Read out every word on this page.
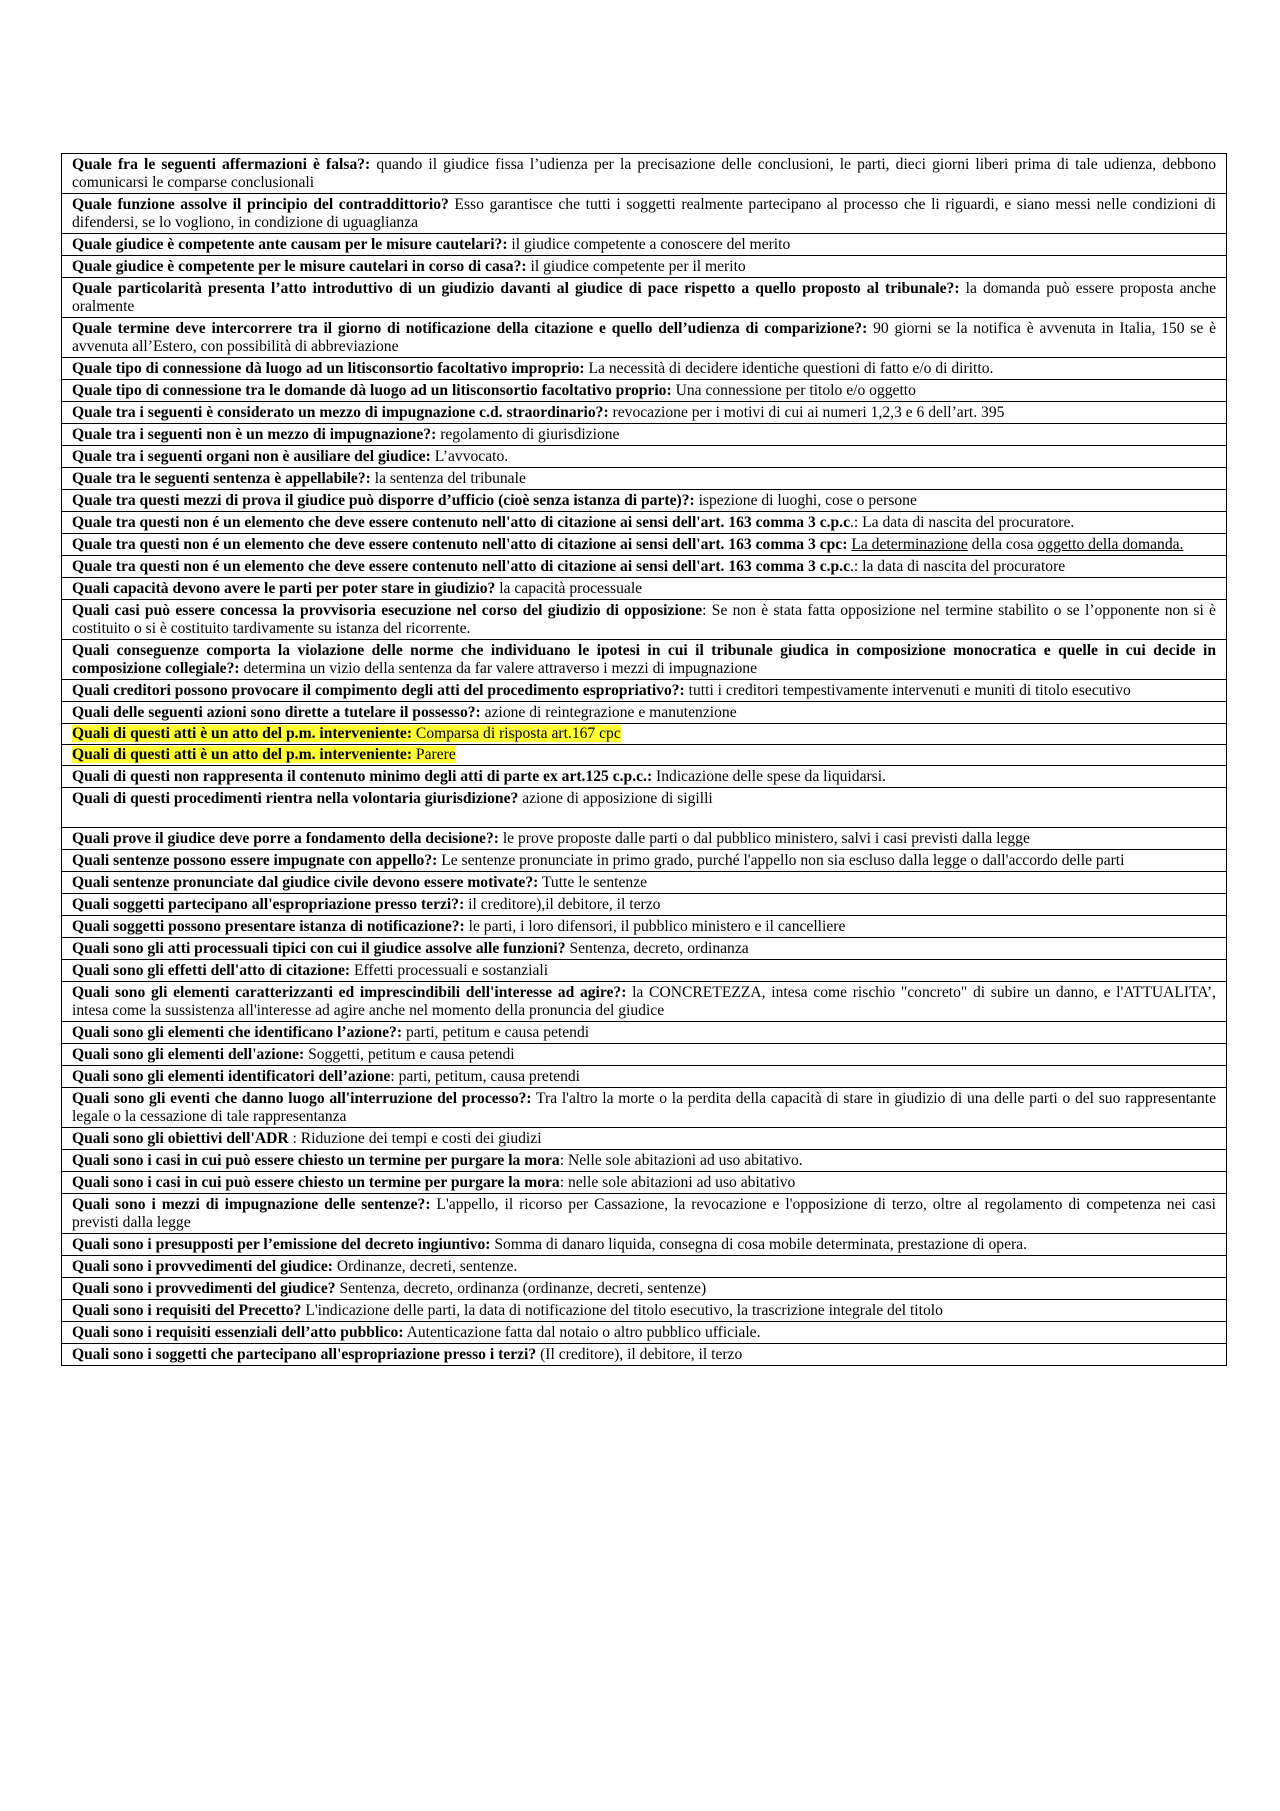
Quale fra le seguenti affermazioni è falsa?: quando il giudice fissa l’udienza per la precisazione delle conclusioni, le parti, dieci giorni liberi prima di tale udienza, debbono comunicarsi le comparse conclusionali
Quale funzione assolve il principio del contraddittorio? Esso garantisce che tutti i soggetti realmente partecipano al processo che li riguardi, e siano messi nelle condizioni di difendersi, se lo vogliono, in condizione di uguaglianza
Quale giudice è competente ante causam per le misure cautelari?: il giudice competente a conoscere del merito
Quale giudice è competente per le misure cautelari in corso di casa?: il giudice competente per il merito
Quale particolarità presenta l’atto introduttivo di un giudizio davanti al giudice di pace rispetto a quello proposto al tribunale?: la domanda può essere proposta anche oralmente
Quale termine deve intercorrere tra il giorno di notificazione della citazione e quello dell’udienza di comparizione?: 90 giorni se la notifica è avvenuta in Italia, 150 se è avvenuta all’Estero, con possibilità di abbreviazione
Quale tipo di connessione dà luogo ad un litisconsortio facoltativo improprio: La necessità di decidere identiche questioni di fatto e/o di diritto.
Quale tipo di connessione tra le domande dà luogo ad un litisconsortio facoltativo proprio: Una connessione per titolo e/o oggetto
Quale tra i seguenti è considerato un mezzo di impugnazione c.d. straordinario?: revocazione per i motivi di cui ai numeri 1,2,3 e 6 dell’art. 395
Quale tra i seguenti non è un mezzo di impugnazione?: regolamento di giurisdizione
Quale tra i seguenti organi non è ausiliare del giudice: L’avvocato.
Quale tra le seguenti sentenza è appellabile?: la sentenza del tribunale
Quale tra questi mezzi di prova il giudice può disporre d’ufficio (cioè senza istanza di parte)?: ispezione di luoghi, cose o persone
Quale tra questi non é un elemento che deve essere contenuto nell'atto di citazione ai sensi dell'art. 163 comma 3 c.p.c.: La data di nascita del procuratore.
Quale tra questi non é un elemento che deve essere contenuto nell'atto di citazione ai sensi dell'art. 163 comma 3 cpc: La determinazione della cosa oggetto della domanda.
Quale tra questi non é un elemento che deve essere contenuto nell'atto di citazione ai sensi dell'art. 163 comma 3 c.p.c.: la data di nascita del procuratore
Quali capacità devono avere le parti per poter stare in giudizio? la capacità processuale
Quali casi può essere concessa la provvisoria esecuzione nel corso del giudizio di opposizione: Se non è stata fatta opposizione nel termine stabilito o se l’opponente non si è costituito o si è costituito tardivamente su istanza del ricorrente.
Quali conseguenze comporta la violazione delle norme che individuano le ipotesi in cui il tribunale giudica in composizione monocratica e quelle in cui decide in composizione collegiale?: determina un vizio della sentenza da far valere attraverso i mezzi di impugnazione
Quali creditori possono provocare il compimento degli atti del procedimento espropriativo?: tutti i creditori tempestivamente intervenuti e muniti di titolo esecutivo
Quali delle seguenti azioni sono dirette a tutelare il possesso?: azione di reintegrazione e manutenzione
Quali di questi atti è un atto del p.m. interveniente: Comparsa di risposta art.167 cpc
Quali di questi atti è un atto del p.m. interveniente: Parere
Quali di questi non rappresenta il contenuto minimo degli atti di parte ex art.125 c.p.c.: Indicazione delle spese da liquidarsi.
Quali di questi procedimenti rientra nella volontaria giurisdizione? azione di apposizione di sigilli
Quali prove il giudice deve porre a fondamento della decisione?: le prove proposte dalle parti o dal pubblico ministero, salvi i casi previsti dalla legge
Quali sentenze possono essere impugnate con appello?: Le sentenze pronunciate in primo grado, purché l'appello non sia escluso dalla legge o dall'accordo delle parti
Quali sentenze pronunciate dal giudice civile devono essere motivate?: Tutte le sentenze
Quali soggetti partecipano all'espropriazione presso terzi?: il creditore),il debitore, il terzo
Quali soggetti possono presentare istanza di notificazione?: le parti, i loro difensori, il pubblico ministero e il cancelliere
Quali sono gli atti processuali tipici con cui il giudice assolve alle funzioni? Sentenza, decreto, ordinanza
Quali sono gli effetti dell'atto di citazione: Effetti processuali e sostanziali
Quali sono gli elementi caratterizzanti ed imprescindibili dell'interesse ad agire?: la CONCRETEZZA, intesa come rischio "concreto" di subire un danno, e l'ATTUALITA’, intesa come la sussistenza all'interesse ad agire anche nel momento della pronuncia del giudice
Quali sono gli elementi che identificano l’azione?: parti, petitum e causa petendi
Quali sono gli elementi dell'azione: Soggetti, petitum e causa petendi
Quali sono gli elementi identificatori dell’azione: parti, petitum, causa pretendi
Quali sono gli eventi che danno luogo all'interruzione del processo?: Tra l'altro la morte o la perdita della capacità di stare in giudizio di una delle parti o del suo rappresentante legale o la cessazione di tale rappresentanza
Quali sono gli obiettivi dell'ADR : Riduzione dei tempi e costi dei giudizi
Quali sono i casi in cui può essere chiesto un termine per purgare la mora: Nelle sole abitazioni ad uso abitativo.
Quali sono i casi in cui può essere chiesto un termine per purgare la mora: nelle sole abitazioni ad uso abitativo
Quali sono i mezzi di impugnazione delle sentenze?: L'appello, il ricorso per Cassazione, la revocazione e l'opposizione di terzo, oltre al regolamento di competenza nei casi previsti dalla legge
Quali sono i presupposti per l’emissione del decreto ingiuntivo: Somma di danaro liquida, consegna di cosa mobile determinata, prestazione di opera.
Quali sono i provvedimenti del giudice: Ordinanze, decreti, sentenze.
Quali sono i provvedimenti del giudice? Sentenza, decreto, ordinanza (ordinanze, decreti, sentenze)
Quali sono i requisiti del Precetto? L'indicazione delle parti, la data di notificazione del titolo esecutivo, la trascrizione integrale del titolo
Quali sono i requisiti essenziali dell’atto pubblico: Autenticazione fatta dal notaio o altro pubblico ufficiale.
Quali sono i soggetti che partecipano all'espropriazione presso i terzi? (Il creditore), il debitore, il terzo
